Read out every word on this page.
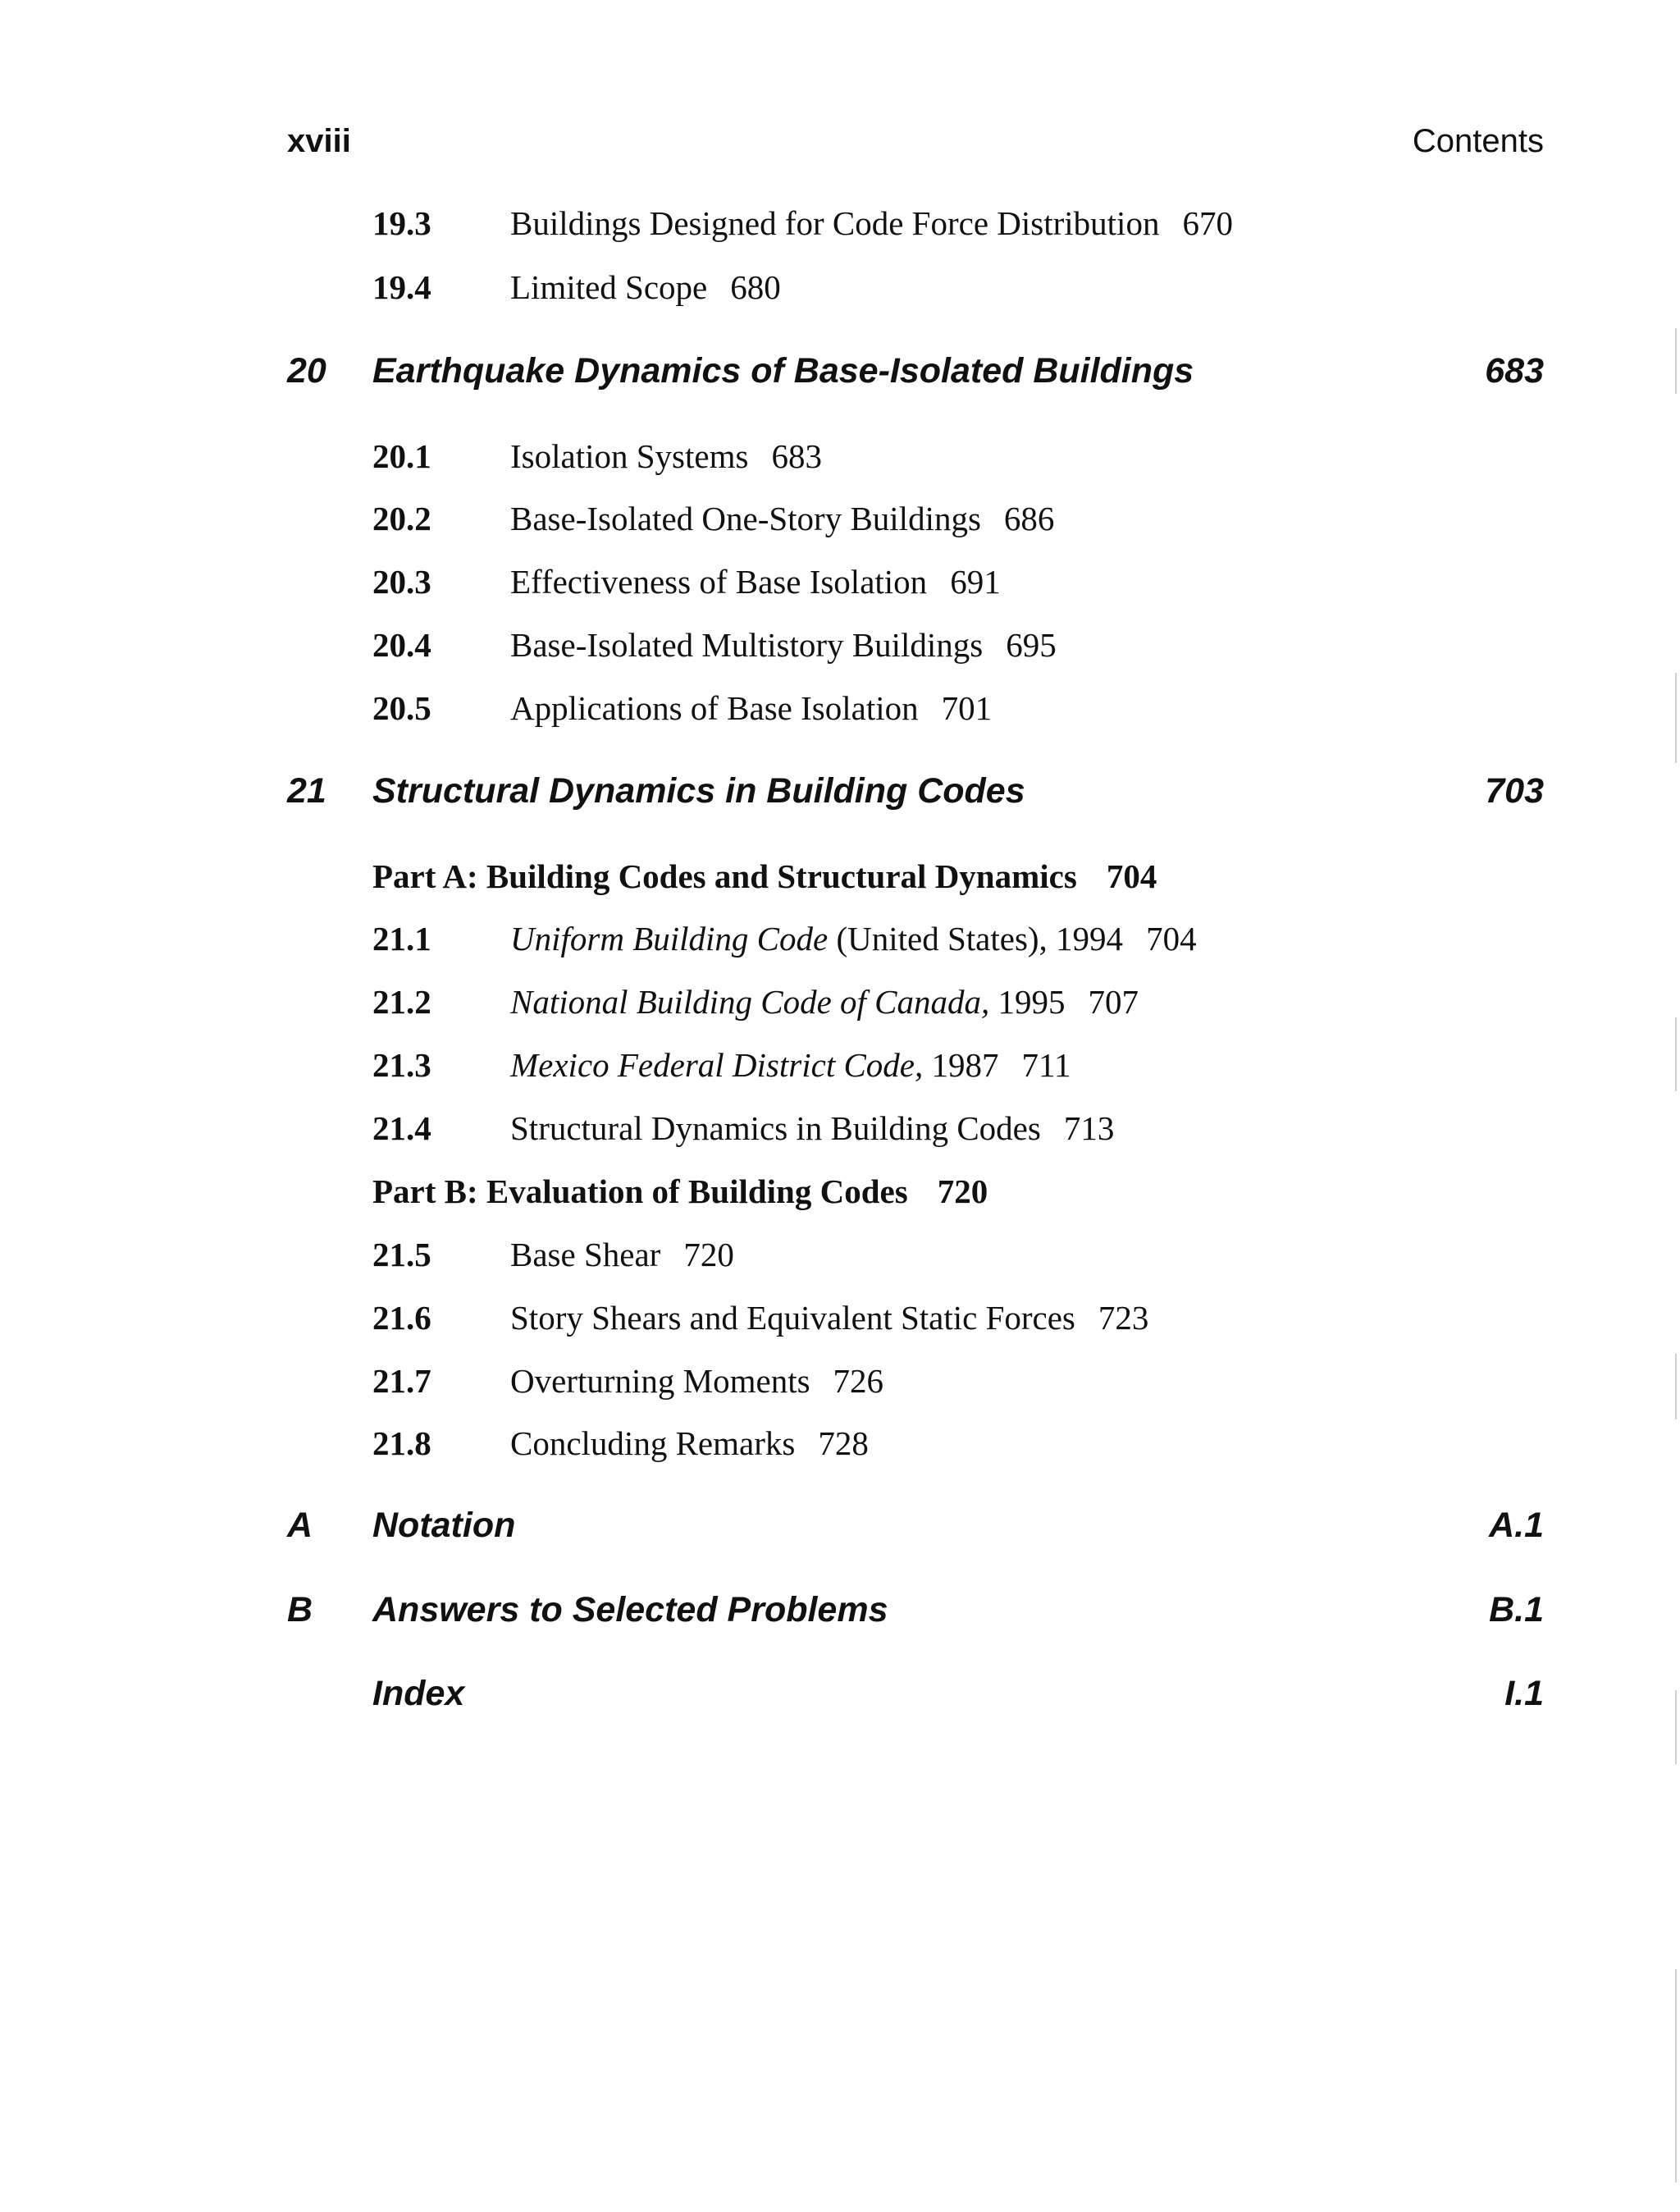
xviii	Contents
19.3 Buildings Designed for Code Force Distribution 670
19.4 Limited Scope 680
20 Earthquake Dynamics of Base-Isolated Buildings	683
20.1 Isolation Systems 683
20.2 Base-Isolated One-Story Buildings 686
20.3 Effectiveness of Base Isolation 691
20.4 Base-Isolated Multistory Buildings 695
20.5 Applications of Base Isolation 701
21 Structural Dynamics in Building Codes	703
Part A: Building Codes and Structural Dynamics 704
21.1 Uniform Building Code (United States), 1994 704
21.2 National Building Code of Canada, 1995 707
21.3 Mexico Federal District Code, 1987 711
21.4 Structural Dynamics in Building Codes 713
Part B: Evaluation of Building Codes 720
21.5 Base Shear 720
21.6 Story Shears and Equivalent Static Forces 723
21.7 Overturning Moments 726
21.8 Concluding Remarks 728
A Notation	A.1
B Answers to Selected Problems	B.1
Index	I.1
